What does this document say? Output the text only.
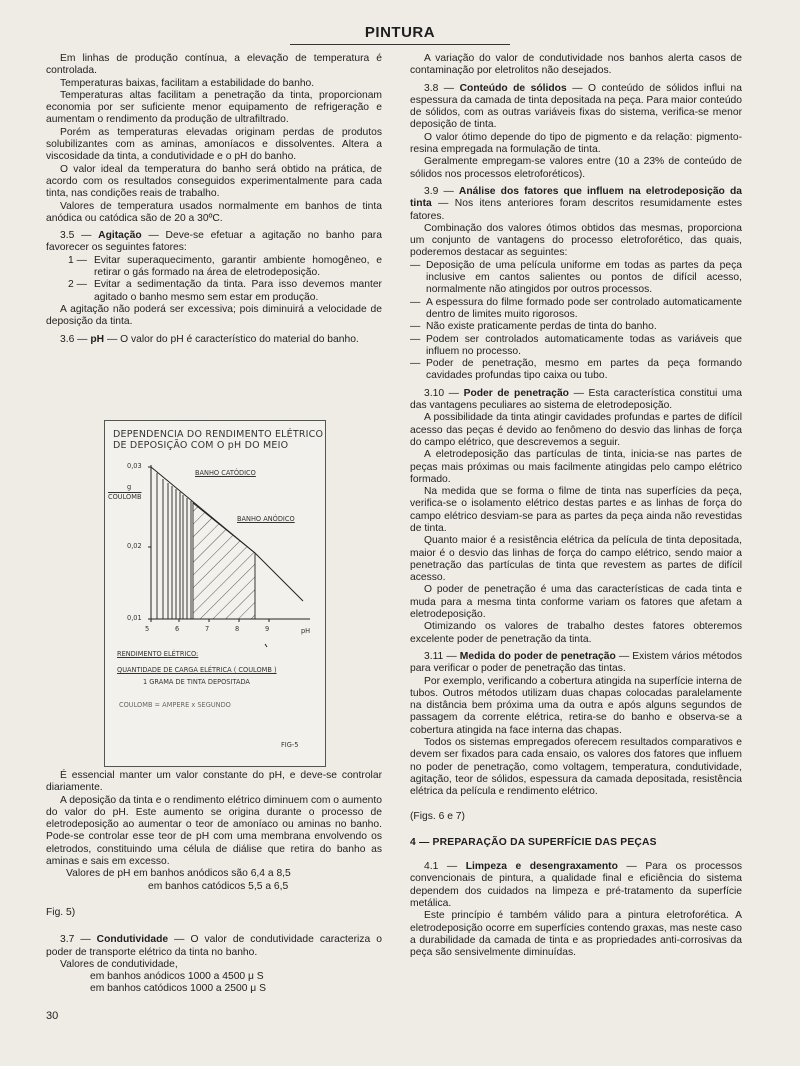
PINTURA

Em linhas de produção contínua, a elevação de temperatura é controlada.

Temperaturas baixas, facilitam a estabilidade do banho.

Temperaturas altas facilitam a penetração da tinta, proporcionam economia por ser suficiente menor equipamento de refrigeração e aumentam o rendimento da produção de ultrafiltrado.

Porém as temperaturas elevadas originam perdas de produtos solubilizantes com as aminas, amoníacos e dissolventes. Altera a viscosidade da tinta, a condutividade e o pH do banho.

O valor ideal da temperatura do banho será obtido na prática, de acordo com os resultados conseguidos experimentalmente para cada tinta, nas condições reais de trabalho.

Valores de temperatura usados normalmente em banhos de tinta anódica ou catódica são de 20 a 30ºC.

3.5 — Agitação — Deve-se efetuar a agitação no banho para favorecer os seguintes fatores:

1 — Evitar superaquecimento, garantir ambiente homogêneo, e retirar o gás formado na área de eletrodeposição.
2 — Evitar a sedimentação da tinta. Para isso devemos manter agitado o banho mesmo sem estar em produção.

A agitação não poderá ser excessiva; pois diminuirá a velocidade de deposição da tinta.

3.6 — pH — O valor do pH é característico do material do banho.

DEPENDENCIA DO RENDIMENTO ELÉTRICO
DE DEPOSIÇÃO COM O pH DO MEIO
g
COULOMB
0,03
0,02
0,01
5	6	7	8	9	pH
BANHO CATÓDICO
BANHO ANÓDICO
RENDIMENTO ELÉTRICO:
QUANTIDADE DE CARGA ELÉTRICA ( COULOMB )
1 GRAMA DE TINTA DEPOSITADA
COULOMB = AMPERE x SEGUNDO
FIG-5

É essencial manter um valor constante do pH, e deve-se controlar diariamente.

A deposição da tinta e o rendimento elétrico diminuem com o aumento do valor do pH. Este aumento se origina durante o processo de eletrodeposição ao aumentar o teor de amoníaco ou aminas no banho. Pode-se controlar esse teor de pH com uma membrana envolvendo os eletrodos, constituindo uma célula de diálise que retira do banho as aminas e sais em excesso.

Valores de pH em banhos anódicos são 6,4 a 8,5

em banhos catódicos 5,5 a 6,5

Fig. 5)

3.7 — Condutividade — O valor de condutividade caracteriza o poder de transporte elétrico da tinta no banho.

Valores de condutividade,

em banhos anódicos 1000 a 4500 μ S

em banhos catódicos 1000 a 2500 μ S

A variação do valor de condutividade nos banhos alerta casos de contaminação por eletrolitos não desejados.

3.8 — Conteúdo de sólidos — O conteúdo de sólidos influi na espessura da camada de tinta depositada na peça. Para maior conteúdo de sólidos, com as outras variáveis fixas do sistema, verifica-se menor deposição de tinta.

O valor ótimo depende do tipo de pigmento e da relação: pigmento-resina empregada na formulação de tinta.

Geralmente empregam-se valores entre (10 a 23% de conteúdo de sólidos nos processos eletroforéticos).

3.9 — Análise dos fatores que influem na eletrodeposição da tinta — Nos itens anteriores foram descritos resumidamente estes fatores.

Combinação dos valores ótimos obtidos das mesmas, proporciona um conjunto de vantagens do processo eletroforético, das quais, poderemos destacar as seguintes:

— Deposição de uma película uniforme em todas as partes da peça inclusive em cantos salientes ou pontos de difícil acesso, normalmente não atingidos por outros processos.
— A espessura do filme formado pode ser controlado automaticamente dentro de limites muito rigorosos.
— Não existe praticamente perdas de tinta do banho.
— Podem ser controlados automaticamente todas as variáveis que influem no processo.
— Poder de penetração, mesmo em partes da peça formando cavidades profundas tipo caixa ou tubo.

3.10 — Poder de penetração — Esta característica constitui uma das vantagens peculiares ao sistema de eletrodeposição.

A possibilidade da tinta atingir cavidades profundas e partes de difícil acesso das peças é devido ao fenômeno do desvio das linhas de força do campo elétrico, que descrevemos a seguir.

A eletrodeposição das partículas de tinta, inicia-se nas partes de peças mais próximas ou mais facilmente atingidas pelo campo elétrico formado.

Na medida que se forma o filme de tinta nas superfícies da peça, verifica-se o isolamento elétrico destas partes e as linhas de força do campo elétrico desviam-se para as partes da peça ainda não revestidas de tinta.

Quanto maior é a resistência elétrica da película de tinta depositada, maior é o desvio das linhas de força do campo elétrico, sendo maior a penetração das partículas de tinta que revestem as partes de difícil acesso.

O poder de penetração é uma das características de cada tinta e muda para a mesma tinta conforme variam os fatores que afetam a eletrodeposição.

Otimizando os valores de trabalho destes fatores obteremos excelente poder de penetração da tinta.

3.11 — Medida do poder de penetração — Existem vários métodos para verificar o poder de penetração das tintas.

Por exemplo, verificando a cobertura atingida na superfície interna de tubos. Outros métodos utilizam duas chapas colocadas paralelamente na distância bem próxima uma da outra e após alguns segundos de passagem da corrente elétrica, retira-se do banho e observa-se a cobertura atingida na face interna das chapas.

Todos os sistemas empregados oferecem resultados comparativos e devem ser fixados para cada ensaio, os valores dos fatores que influem no poder de penetração, como voltagem, temperatura, condutividade, agitação, teor de sólidos, espessura da camada depositada, resistência elétrica da película e rendimento elétrico.

(Figs. 6 e 7)

4 — PREPARAÇÃO DA SUPERFÍCIE DAS PEÇAS

4.1 — Limpeza e desengraxamento — Para os processos convencionais de pintura, a qualidade final e eficiência do sistema dependem dos cuidados na limpeza e pré-tratamento da superfície metálica.

Este princípio é também válido para a pintura eletroforética. A eletrodeposição ocorre em superfícies contendo graxas, mas neste caso a durabilidade da camada de tinta e as propriedades anti-corrosivas da peça são sensivelmente diminuídas.

30
